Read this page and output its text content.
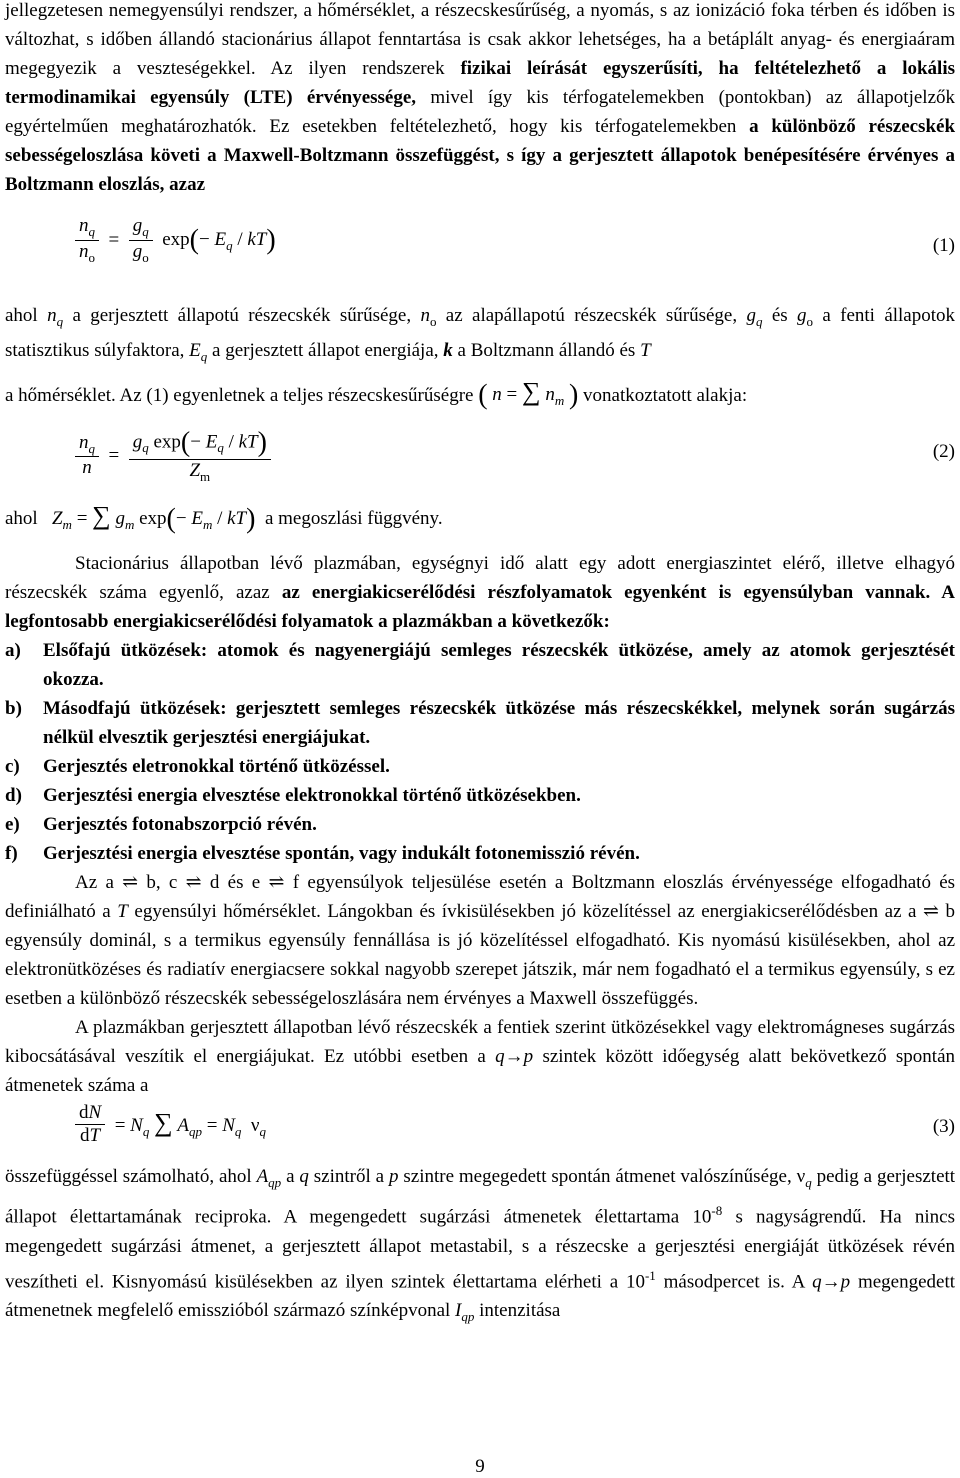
jellegzetesen nemegyensúlyi rendszer, a hőmérséklet, a részecskesűrűség, a nyomás, s az ionizáció foka térben és időben is változhat, s időben állandó stacionárius állapot fenntartása is csak akkor lehetséges, ha a betáplált anyag- és energiaáram megegyezik a veszteségekkel. Az ilyen rendszerek fizikai leírását egyszerűsíti, ha feltételezhető a lokális termodinamikai egyensúly (LTE) érvényessége, mivel így kis térfogatelemekben (pontokban) az állapotjelzők egyértelműen meghatározhatók. Ez esetekben feltételezhető, hogy kis térfogatelemekben a különböző részecskék sebességeloszlása követi a Maxwell-Boltzmann összefüggést, s így a gerjesztett állapotok benépesítésére érvényes a Boltzmann eloszlás, azaz

$\frac{n_q}{n_o} = \frac{g_q}{g_o} \exp(- E_q / kT)$	(1)

ahol $n_q$ a gerjesztett állapotú részecskék sűrűsége, $n_o$ az alapállapotú részecskék sűrűsége, $g_q$ és $g_o$ a fenti állapotok statisztikus súlyfaktora, $E_q$ a gerjesztett állapot energiája, k a Boltzmann állandó és T

a hőmérséklet. Az (1) egyenletnek a teljes részecskesűrűségre ( n = ∑ $n_m$ ) vonatkoztatott alakja:

$\frac{n_q}{n} = \frac{g_q \exp(- E_q / kT)}{Z_m}$	(2)
ahol $Z_m$ = ∑ $g_m$ $\exp(- E_m / kT)$ a megoszlási függvény.

Stacionárius állapotban lévő plazmában, egységnyi idő alatt egy adott energiaszintet elérő, illetve elhagyó részecskék száma egyenlő, azaz az energiakicserélődési részfolyamatok egyenként is egyensúlyban vannak. A legfontosabb energiakicserélődési folyamatok a plazmákban a következők:

a)	Elsőfajú ütközések: atomok és nagyenergiájú semleges részecskék ütközése, amely az atomok gerjesztését okozza.
b)	Másodfajú ütközések: gerjesztett semleges részecskék ütközése más részecskékkel, melynek során sugárzás nélkül elvesztik gerjesztési energiájukat.
c)	Gerjesztés eletronokkal történő ütközéssel.
d)	Gerjesztési energia elvesztése elektronokkal történő ütközésekben.
e)	Gerjesztés fotonabszorpció révén.
f)	Gerjesztési energia elvesztése spontán, vagy indukált fotonemisszió révén.

Az a ⇌ b, c ⇌ d és e ⇌ f egyensúlyok teljesülése esetén a Boltzmann eloszlás érvényessége elfogadható és definiálható a T egyensúlyi hőmérséklet. Lángokban és ívkisülésekben jó közelítéssel az energiakicserélődésben az a ⇌ b egyensúly dominál, s a termikus egyensúly fennállása is jó közelítéssel elfogadható. Kis nyomású kisülésekben, ahol az elektronütközéses és radiatív energiacsere sokkal nagyobb szerepet játszik, már nem fogadható el a termikus egyensúly, s ez esetben a különböző részecskék sebességeloszlására nem érvényes a Maxwell összefüggés.

A plazmákban gerjesztett állapotban lévő részecskék a fentiek szerint ütközésekkel vagy elektromágneses sugárzás kibocsátásával veszítik el energiájukat. Ez utóbbi esetben a q→p szintek között időegység alatt bekövetkező spontán átmenetek száma a

$\frac{dN}{dT} = N_q$ ∑ $A_{qp} = N_q$  $\nu_q$	(3)

összefüggéssel számolható, ahol $A_{qp}$ a q szintről a p szintre megegedett spontán átmenet valószínűsége, $\nu_q$ pedig a gerjesztett állapot élettartamának reciproka. A megengedett sugárzási átmenetek élettartama $10^{-8}$ s nagyságrendű. Ha nincs megengedett sugárzási átmenet, a gerjesztett állapot metastabil, s a részecske a gerjesztési energiáját ütközések révén veszítheti el. Kisnyomású kisülésekben az ilyen szintek élettartama elérheti a $10^{-1}$ másodpercet is. A q→p megengedett átmenetnek megfelelő emisszióból származó színképvonal $I_{qp}$ intenzitása

9
